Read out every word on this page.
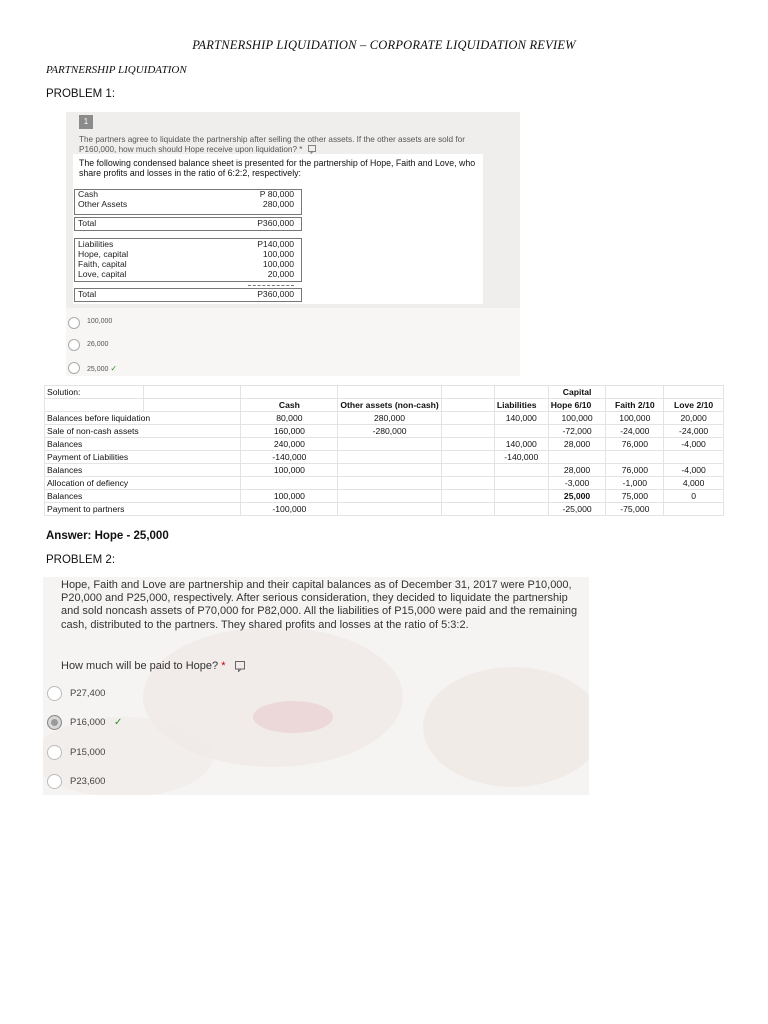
PARTNERSHIP LIQUIDATION – CORPORATE LIQUIDATION REVIEW
PARTNERSHIP LIQUIDATION
PROBLEM 1:
1
The partners agree to liquidate the partnership after selling the other assets. If the other assets are sold for P160,000, how much should Hope receive upon liquidation? *
The following condensed balance sheet is presented for the partnership of Hope, Faith and Love, who share profits and losses in the ratio of 6:2:2, respectively:
Cash	P 80,000
Other Assets	280,000
Total	P360,000
Liabilities	P140,000
Hope, capital	100,000
Faith, capital	100,000
Love, capital	20,000
Total	P360,000
100,000
26,000
25,000 ✓
Solution:						Capital		
		Cash	Other assets (non-cash)		Liabilities	Hope 6/10	Faith 2/10	Love 2/10
Balances before liquidation		80,000	280,000		140,000	100,000	100,000	20,000
Sale of non-cash assets		160,000	-280,000			-72,000	-24,000	-24,000
Balances		240,000			140,000	28,000	76,000	-4,000
Payment of Liabilities		-140,000			-140,000			
Balances		100,000				28,000	76,000	-4,000
Allocation of defiency						-3,000	-1,000	4,000
Balances		100,000				25,000	75,000	0
Payment to partners		-100,000				-25,000	-75,000	
Answer: Hope - 25,000
PROBLEM 2:
Hope, Faith and Love are partnership and their capital balances as of December 31, 2017 were P10,000, P20,000 and P25,000, respectively. After serious consideration, they decided to liquidate the partnership and sold noncash assets of P70,000 for P82,000. All the liabilities of P15,000 were paid and the remaining cash, distributed to the partners. They shared profits and losses at the ratio of 5:3:2.
How much will be paid to Hope? *
P27,400
P16,000 ✓
P15,000
P23,600
